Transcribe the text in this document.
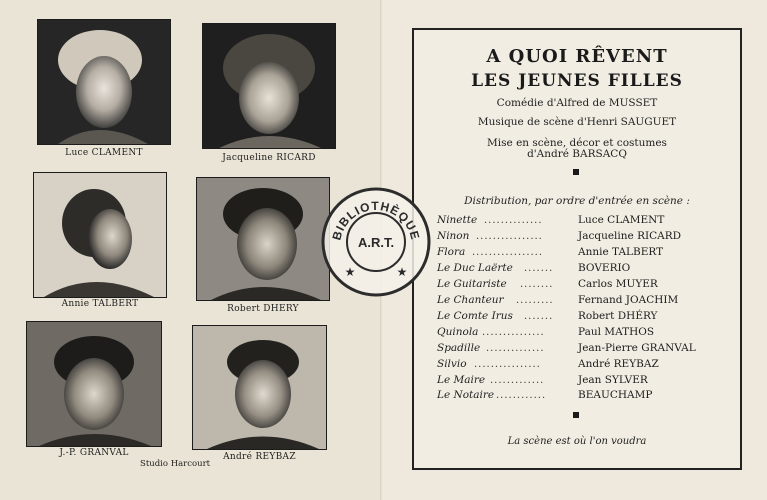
Luce CLAMENT	Jacqueline RICARD
Annie TALBERT	Robert DHERY
J.-P. GRANVAL	André REYBAZ
Studio Harcourt
A QUOI RÊVENT
LES JEUNES FILLES
Comédie d'Alfred de MUSSET
Musique de scène d'Henri SAUGUET
Mise en scène, décor et costumes
d'André BARSACQ
Distribution, par ordre d'entrée en scène :
La scène est où l'on voudra
Ninette ..............	Luce CLAMENT
Ninon ................	Jacqueline RICARD
Flora .................	Annie TALBERT
Le Duc Laërte ....... BOVERIO
Le Guitariste ........ Carlos MUYER
Le Chanteur ......... Fernand JOACHIM
Le Comte Irus ....... Robert DHÉRY
Quinola ...............	Paul MATHOS
Spadille ..............	Jean-Pierre GRANVAL
Silvio ................	André REYBAZ
Le Maire .............	Jean SYLVER
Le Notaire ............	BEAUCHAMP
BIBLIOTHÈQUE
A.R.T.
★	★
